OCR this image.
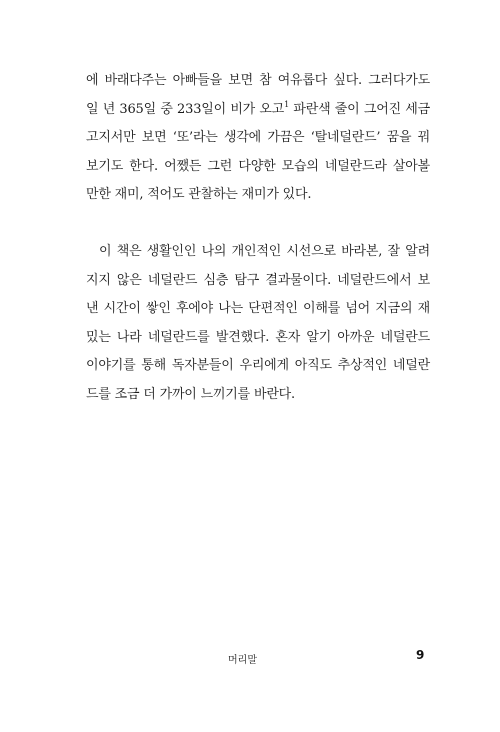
에 바래다주는 아빠들을 보면 참 여유롭다 싶다. 그러다가도
일 년 365일 중 233일이 비가 오고$^1$ 파란색 줄이 그어진 세금
고지서만 보면 ‘또’라는 생각에 가끔은 ‘탈네덜란드’ 꿈을 꿔
보기도 한다. 어쨌든 그런 다양한 모습의 네덜란드라 살아볼
만한 재미, 적어도 관찰하는 재미가 있다.

이 책은 생활인인 나의 개인적인 시선으로 바라본, 잘 알려
지지 않은 네덜란드 심층 탐구 결과물이다. 네덜란드에서 보
낸 시간이 쌓인 후에야 나는 단편적인 이해를 넘어 지금의 재
밌는 나라 네덜란드를 발견했다. 혼자 알기 아까운 네덜란드
이야기를 통해 독자분들이 우리에게 아직도 추상적인 네덜란
드를 조금 더 가까이 느끼기를 바란다.

머리말	9
